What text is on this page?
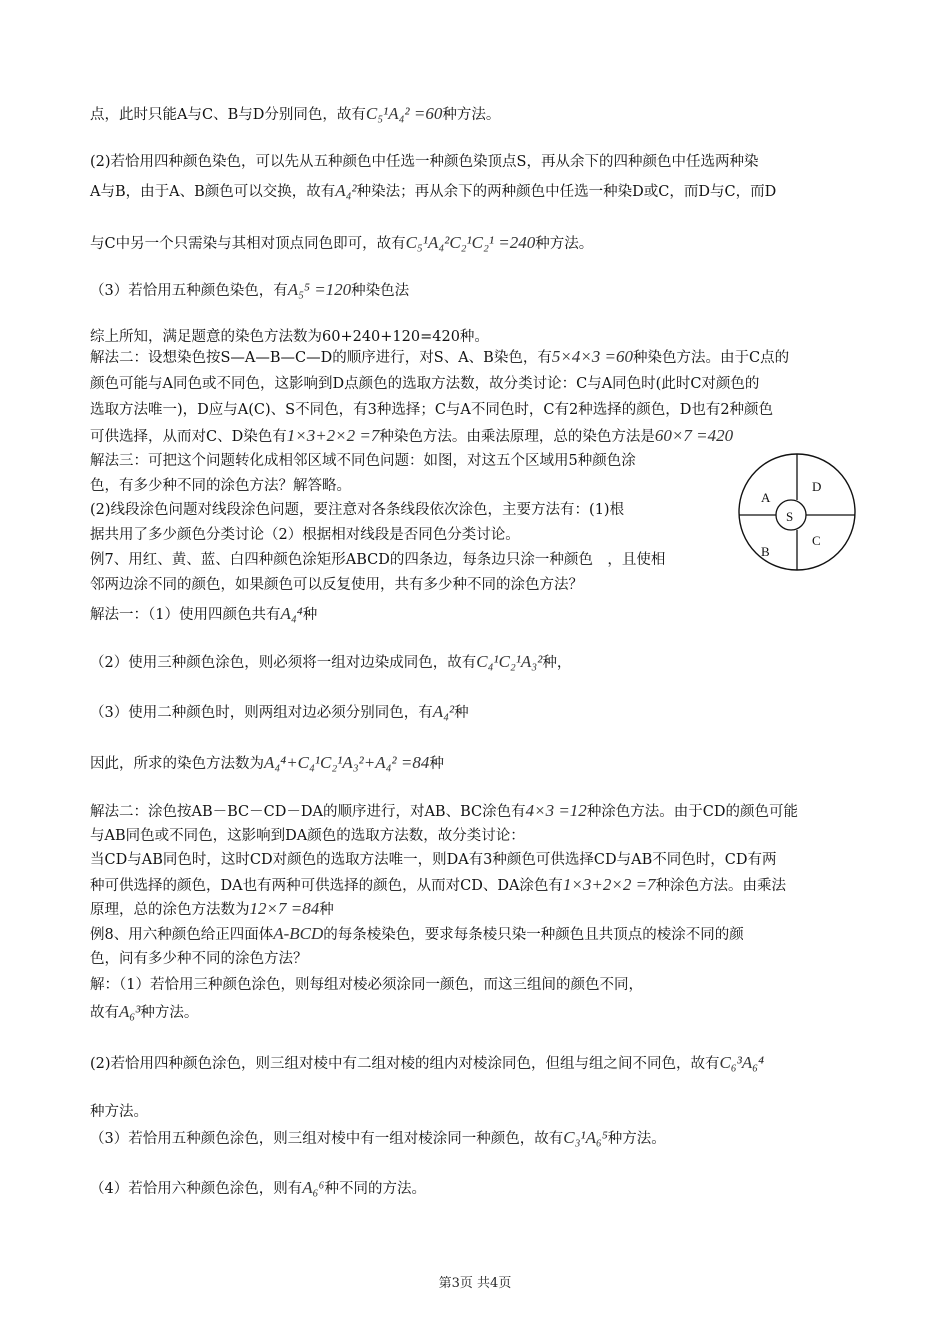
点，此时只能A与C、B与D分别同色，故有C₅¹A₄² =60种方法。
(2)若恰用四种颜色染色，可以先从五种颜色中任选一种颜色染顶点S，再从余下的四种颜色中任选两种染
A与B，由于A、B颜色可以交换，故有A₄²种染法；再从余下的两种颜色中任选一种染D或C，而D与C，而D
与C中另一个只需染与其相对顶点同色即可，故有C₅¹A₄²C₂¹C₂¹ =240种方法。
（3）若恰用五种颜色染色，有A₅⁵ =120种染色法
综上所知，满足题意的染色方法数为60+240+120=420种。
解法二：设想染色按S—A—B—C—D的顺序进行，对S、A、B染色，有5×4×3 =60种染色方法。由于C点的
颜色可能与A同色或不同色，这影响到D点颜色的选取方法数，故分类讨论：C与A同色时(此时C对颜色的
选取方法唯一)，D应与A(C)、S不同色，有3种选择；C与A不同色时，C有2种选择的颜色，D也有2种颜色
可供选择，从而对C、D染色有1×3+2×2 =7种染色方法。由乘法原理，总的染色方法是60×7 =420
解法三：可把这个问题转化成相邻区域不同色问题：如图，对这五个区域用5种颜色涂
色，有多少种不同的涂色方法？解答略。
(2)线段涂色问题对线段涂色问题，要注意对各条线段依次涂色，主要方法有：(1)根
据共用了多少颜色分类讨论（2）根据相对线段是否同色分类讨论。
例7、用红、黄、蓝、白四种颜色涂矩形ABCD的四条边，每条边只涂一种颜色　，且使相
邻两边涂不同的颜色，如果颜色可以反复使用，共有多少种不同的涂色方法？
解法一：（1）使用四颜色共有A₄⁴种
（2）使用三种颜色涂色，则必须将一组对边染成同色，故有C₄¹C₂¹A₃²种，
（3）使用二种颜色时，则两组对边必须分别同色，有A₄²种
因此，所求的染色方法数为A₄⁴+C₄¹C₂¹A₃²+A₄² =84种
解法二：涂色按AB－BC－CD－DA的顺序进行，对AB、BC涂色有4×3 =12种涂色方法。由于CD的颜色可能
与AB同色或不同色，这影响到DA颜色的选取方法数，故分类讨论：
当CD与AB同色时，这时CD对颜色的选取方法唯一，则DA有3种颜色可供选择CD与AB不同色时，CD有两
种可供选择的颜色，DA也有两种可供选择的颜色，从而对CD、DA涂色有1×3+2×2 =7种涂色方法。由乘法
原理，总的涂色方法数为12×7 =84种
例8、用六种颜色给正四面体A-BCD的每条棱染色，要求每条棱只染一种颜色且共顶点的棱涂不同的颜
色，问有多少种不同的涂色方法？
解：（1）若恰用三种颜色涂色，则每组对棱必须涂同一颜色，而这三组间的颜色不同，
故有A₆³种方法。
(2)若恰用四种颜色涂色，则三组对棱中有二组对棱的组内对棱涂同色，但组与组之间不同色，故有C₆³A₆⁴
种方法。
（3）若恰用五种颜色涂色，则三组对棱中有一组对棱涂同一种颜色，故有C₃¹A₆⁵种方法。
（4）若恰用六种颜色涂色，则有A₆⁶种不同的方法。
A
D
S
C
B
第3页 共4页
